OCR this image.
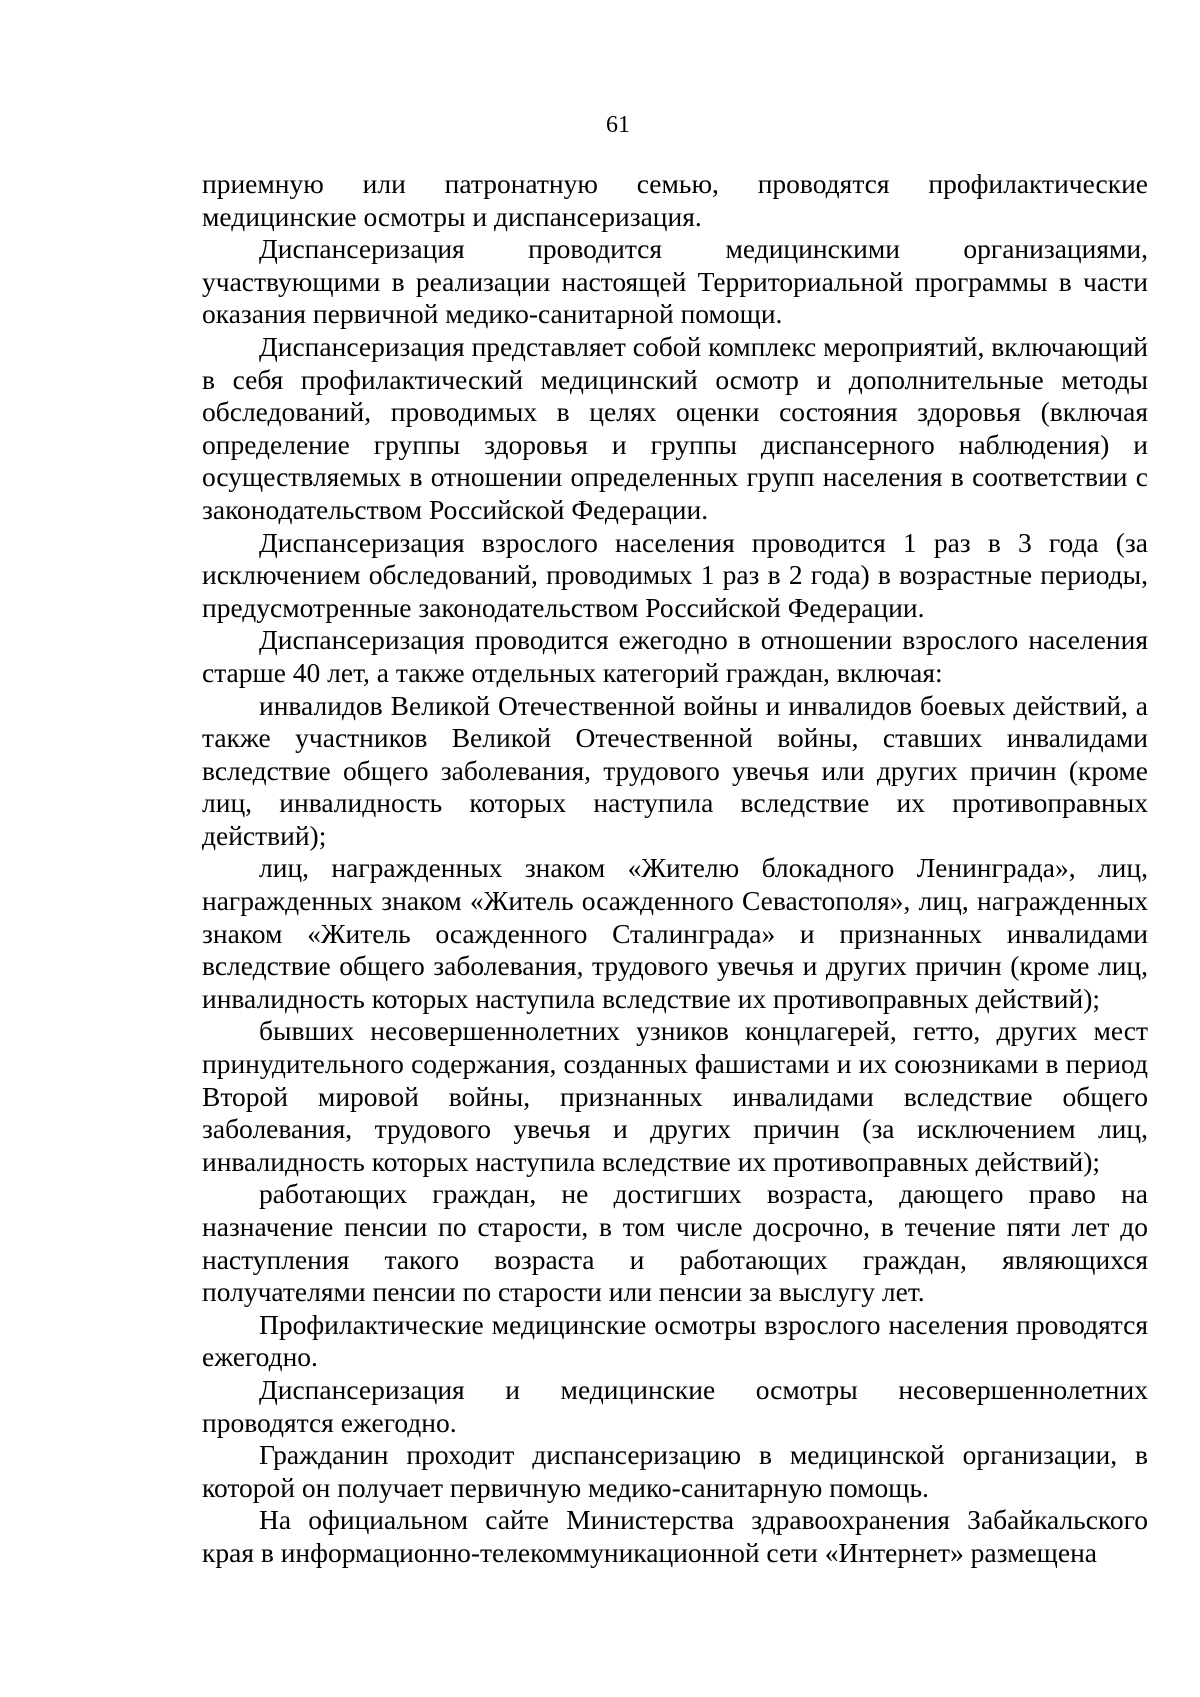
61

приемную или патронатную семью, проводятся профилактические медицинские осмотры и диспансеризация.

Диспансеризация проводится медицинскими организациями, участвующими в реализации настоящей Территориальной программы в части оказания первичной медико-санитарной помощи.

Диспансеризация представляет собой комплекс мероприятий, включающий в себя профилактический медицинский осмотр и дополнительные методы обследований, проводимых в целях оценки состояния здоровья (включая определение группы здоровья и группы диспансерного наблюдения) и осуществляемых в отношении определенных групп населения в соответствии с законодательством Российской Федерации.

Диспансеризация взрослого населения проводится 1 раз в 3 года (за исключением обследований, проводимых 1 раз в 2 года) в возрастные периоды, предусмотренные законодательством Российской Федерации.

Диспансеризация проводится ежегодно в отношении взрослого населения старше 40 лет, а также отдельных категорий граждан, включая:

инвалидов Великой Отечественной войны и инвалидов боевых действий, а также участников Великой Отечественной войны, ставших инвалидами вследствие общего заболевания, трудового увечья или других причин (кроме лиц, инвалидность которых наступила вследствие их противоправных действий);

лиц, награжденных знаком «Жителю блокадного Ленинграда», лиц, награжденных знаком «Житель осажденного Севастополя», лиц, награжденных знаком «Житель осажденного Сталинграда» и признанных инвалидами вследствие общего заболевания, трудового увечья и других причин (кроме лиц, инвалидность которых наступила вследствие их противоправных действий);

бывших несовершеннолетних узников концлагерей, гетто, других мест принудительного содержания, созданных фашистами и их союзниками в период Второй мировой войны, признанных инвалидами вследствие общего заболевания, трудового увечья и других причин (за исключением лиц, инвалидность которых наступила вследствие их противоправных действий);

работающих граждан, не достигших возраста, дающего право на назначение пенсии по старости, в том числе досрочно, в течение пяти лет до наступления такого возраста и работающих граждан, являющихся получателями пенсии по старости или пенсии за выслугу лет.

Профилактические медицинские осмотры взрослого населения проводятся ежегодно.

Диспансеризация и медицинские осмотры несовершеннолетних проводятся ежегодно.

Гражданин проходит диспансеризацию в медицинской организации, в которой он получает первичную медико-санитарную помощь.

На официальном сайте Министерства здравоохранения Забайкальского края в информационно-телекоммуникационной сети «Интернет» размещена
